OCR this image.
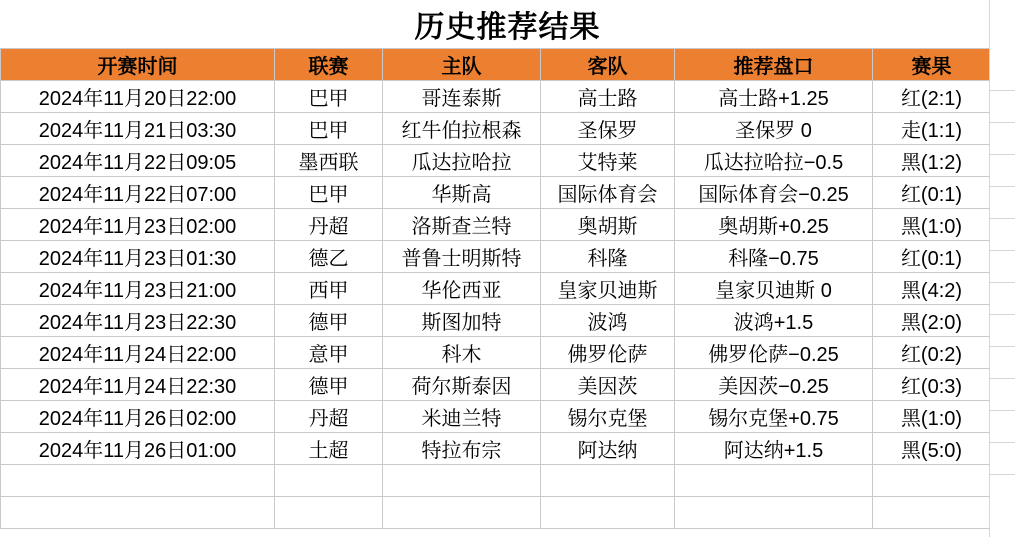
历史推荐结果
开赛时间	联赛	主队	客队	推荐盘口	赛果
2024年11月20日22:00	巴甲	哥连泰斯	高士路	高士路+1.25	红(2:1)
2024年11月21日03:30	巴甲	红牛伯拉根森	圣保罗	圣保罗 0	走(1:1)
2024年11月22日09:05	墨西联	瓜达拉哈拉	艾特莱	瓜达拉哈拉−0.5	黑(1:2)
2024年11月22日07:00	巴甲	华斯高	国际体育会	国际体育会−0.25	红(0:1)
2024年11月23日02:00	丹超	洛斯查兰特	奥胡斯	奥胡斯+0.25	黑(1:0)
2024年11月23日01:30	德乙	普鲁士明斯特	科隆	科隆−0.75	红(0:1)
2024年11月23日21:00	西甲	华伦西亚	皇家贝迪斯	皇家贝迪斯 0	黑(4:2)
2024年11月23日22:30	德甲	斯图加特	波鸿	波鸿+1.5	黑(2:0)
2024年11月24日22:00	意甲	科木	佛罗伦萨	佛罗伦萨−0.25	红(0:2)
2024年11月24日22:30	德甲	荷尔斯泰因	美因茨	美因茨−0.25	红(0:3)
2024年11月26日02:00	丹超	米迪兰特	锡尔克堡	锡尔克堡+0.75	黑(1:0)
2024年11月26日01:00	土超	特拉布宗	阿达纳	阿达纳+1.5	黑(5:0)
